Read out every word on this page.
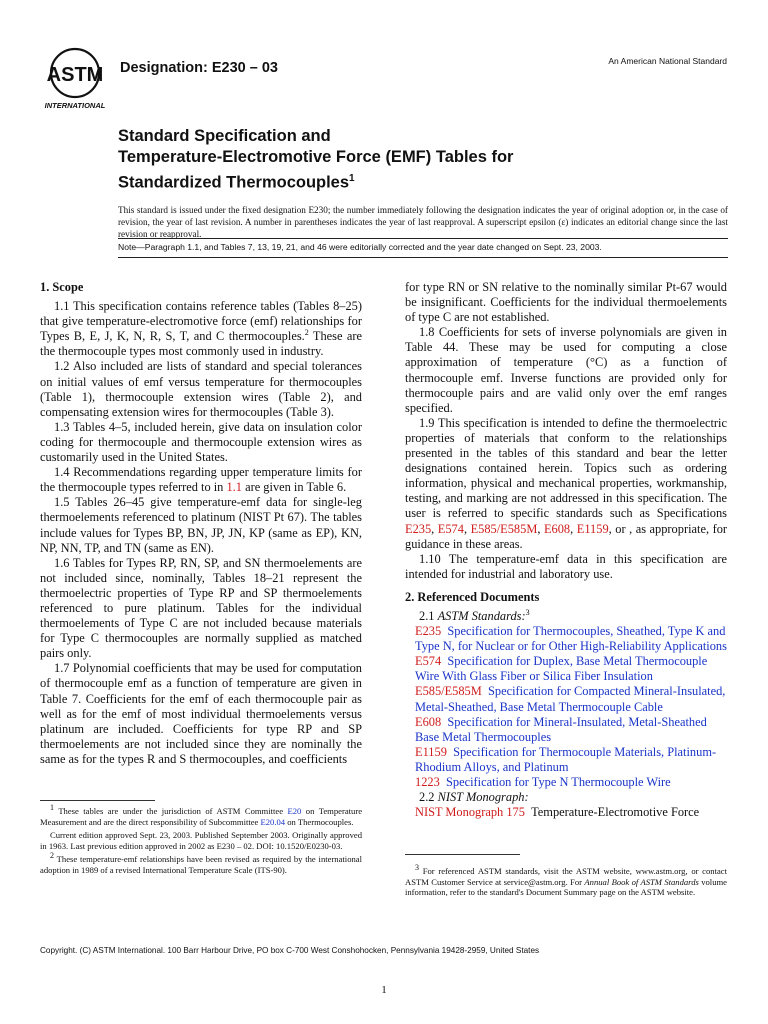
ASTM
INTERNATIONAL
Designation: E230 – 03	An American National Standard
Standard Specification and
Temperature-Electromotive Force (EMF) Tables for
Standardized Thermocouples$^1$
This standard is issued under the fixed designation E230; the number immediately following the designation indicates the year of original adoption or, in the case of revision, the year of last revision. A number in parentheses indicates the year of last reapproval. A superscript epsilon (ε) indicates an editorial change since the last revision or reapproval.
Note—Paragraph 1.1, and Tables 7, 13, 19, 21, and 46 were editorially corrected and the year date changed on Sept. 23, 2003.

1. Scope

1.1 This specification contains reference tables (Tables 8–25) that give temperature-electromotive force (emf) relationships for Types B, E, J, K, N, R, S, T, and C thermocouples.$^2$ These are the thermocouple types most commonly used in industry.

1.2 Also included are lists of standard and special tolerances on initial values of emf versus temperature for thermocouples (Table 1), thermocouple extension wires (Table 2), and compensating extension wires for thermocouples (Table 3).

1.3 Tables 4–5, included herein, give data on insulation color coding for thermocouple and thermocouple extension wires as customarily used in the United States.

1.4 Recommendations regarding upper temperature limits for the thermocouple types referred to in 1.1 are given in Table 6.

1.5 Tables 26–45 give temperature-emf data for single-leg thermoelements referenced to platinum (NIST Pt 67). The tables include values for Types BP, BN, JP, JN, KP (same as EP), KN, NP, NN, TP, and TN (same as EN).

1.6 Tables for Types RP, RN, SP, and SN thermoelements are not included since, nominally, Tables 18–21 represent the thermoelectric properties of Type RP and SP thermoelements referenced to pure platinum. Tables for the individual thermoelements of Type C are not included because materials for Type C thermocouples are normally supplied as matched pairs only.

1.7 Polynomial coefficients that may be used for computation of thermocouple emf as a function of temperature are given in Table 7. Coefficients for the emf of each thermocouple pair as well as for the emf of most individual thermoelements versus platinum are included. Coefficients for type RP and SP thermoelements are not included since they are nominally the same as for the types R and S thermocouples, and coefficients

for type RN or SN relative to the nominally similar Pt-67 would be insignificant. Coefficients for the individual thermoelements of type C are not established.

1.8 Coefficients for sets of inverse polynomials are given in Table 44. These may be used for computing a close approximation of temperature (°C) as a function of thermocouple emf. Inverse functions are provided only for thermocouple pairs and are valid only over the emf ranges specified.

1.9 This specification is intended to define the thermoelectric properties of materials that conform to the relationships presented in the tables of this standard and bear the letter designations contained herein. Topics such as ordering information, physical and mechanical properties, workmanship, testing, and marking are not addressed in this specification. The user is referred to specific standards such as Specifications E235, E574, E585/E585M, E608, E1159, or , as appropriate, for guidance in these areas.

1.10 The temperature-emf data in this specification are intended for industrial and laboratory use.

2. Referenced Documents

2.1 ASTM Standards:$^3$

E235 Specification for Thermocouples, Sheathed, Type K and Type N, for Nuclear or for Other High-Reliability Applications

E574 Specification for Duplex, Base Metal Thermocouple Wire With Glass Fiber or Silica Fiber Insulation

E585/E585M Specification for Compacted Mineral-Insulated, Metal-Sheathed, Base Metal Thermocouple Cable

E608 Specification for Mineral-Insulated, Metal-Sheathed Base Metal Thermocouples

E1159 Specification for Thermocouple Materials, Platinum-Rhodium Alloys, and Platinum

1223 Specification for Type N Thermocouple Wire

2.2 NIST Monograph:

NIST Monograph 175 Temperature-Electromotive Force

$^1$ These tables are under the jurisdiction of ASTM Committee E20 on Temperature Measurement and are the direct responsibility of Subcommittee E20.04 on Thermocouples.

Current edition approved Sept. 23, 2003. Published September 2003. Originally approved in 1963. Last previous edition approved in 2002 as E230 – 02. DOI: 10.1520/E0230-03.

$^2$ These temperature-emf relationships have been revised as required by the international adoption in 1989 of a revised International Temperature Scale (ITS-90).	$^3$ For referenced ASTM standards, visit the ASTM website, www.astm.org, or contact ASTM Customer Service at service@astm.org. For Annual Book of ASTM Standards volume information, refer to the standard's Document Summary page on the ASTM website.

Copyright. (C) ASTM International. 100 Barr Harbour Drive, PO box C-700 West Conshohocken, Pennsylvania 19428-2959, United States
1
